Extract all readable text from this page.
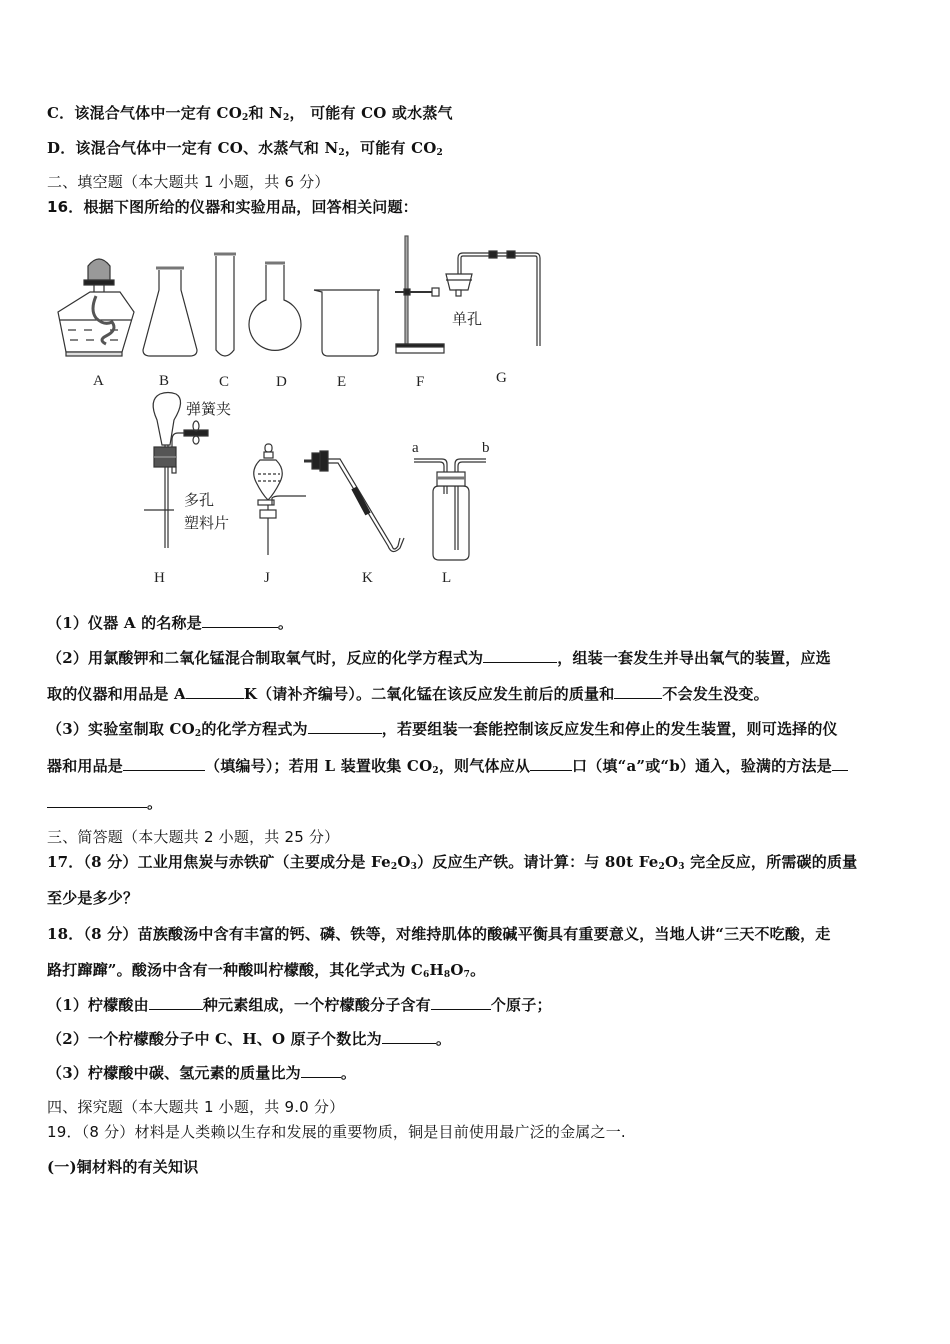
C．该混合气体中一定有 $CO_2$和 $N_2$， 可能有 CO 或水蒸气
D．该混合气体中一定有 CO、水蒸气和 $N_2$，可能有 $CO_2$
二、填空题（本大题共 1 小题，共 6 分）
16．根据下图所给的仪器和实验用品，回答相关问题：
A	B	C	D	E	F	G
H	J	K	L
单孔
弹簧夹
多孔
塑料片
a	b
（1）仪器 A 的名称是	。
（2）用氯酸钾和二氧化锰混合制取氧气时，反应的化学方程式为	，组装一套发生并导出氧气的装置，应选
取的仪器和用品是 A	K（请补齐编号）。二氧化锰在该反应发生前后的质量和	不会发生没变。
（3）实验室制取 $CO_2$的化学方程式为	，若要组装一套能控制该反应发生和停止的发生装置，则可选择的仪
器和用品是	（填编号）；若用 L 装置收集 $CO_2$，则气体应从	口（填“a”或“b）通入，验满的方法是
。
三、简答题（本大题共 2 小题，共 25 分）
17．（8 分）工业用焦炭与赤铁矿（主要成分是 $Fe_2O_3$）反应生产铁。请计算：与 80t $Fe_2O_3$ 完全反应，所需碳的质量
至少是多少？
18．（8 分）苗族酸汤中含有丰富的钙、磷、铁等，对维持肌体的酸碱平衡具有重要意义，当地人讲“三天不吃酸，走
路打蹿蹿”。酸汤中含有一种酸叫柠檬酸，其化学式为 $C_6H_8O_7$。
（1）柠檬酸由	种元素组成，一个柠檬酸分子含有	个原子；
（2）一个柠檬酸分子中 C、H、O 原子个数比为	。
（3）柠檬酸中碳、氢元素的质量比为	。
四、探究题（本大题共 1 小题，共 9.0 分）
19．（8 分）材料是人类赖以生存和发展的重要物质，铜是目前使用最广泛的金属之一.
(一)铜材料的有关知识
